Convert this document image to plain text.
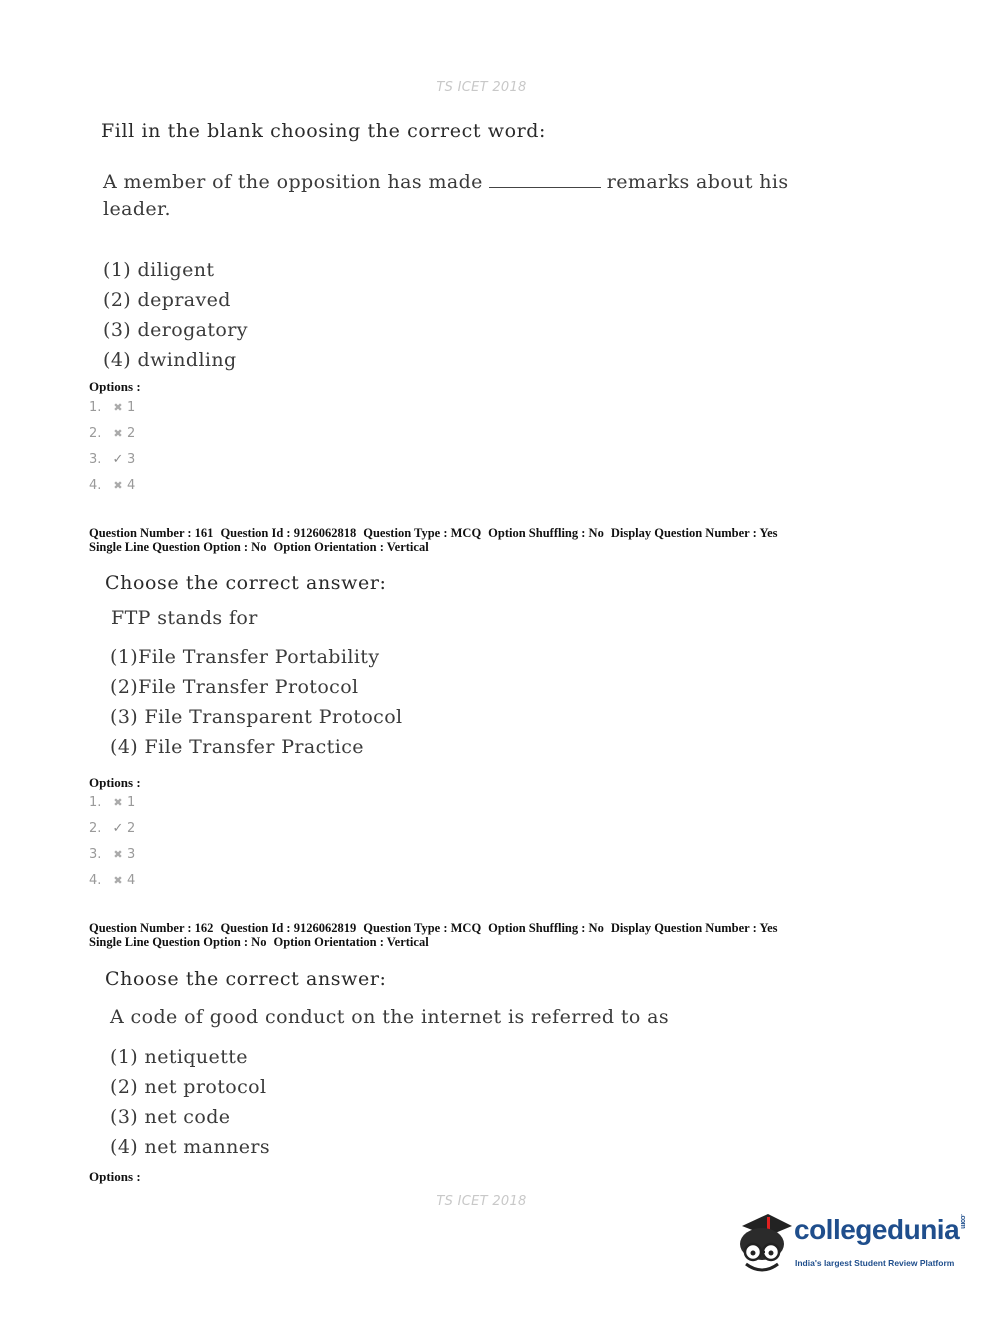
TS ICET 2018
Fill in the blank choosing the correct word:
A member of the opposition has made	remarks about his
leader.
(1) diligent
(2) depraved
(3) derogatory
(4) dwindling
Options :
1. ✖ 1
2. ✖ 2
3. ✓ 3
4. ✖ 4
Question Number : 161 Question Id : 9126062818 Question Type : MCQ Option Shuffling : No Display Question Number : Yes
Single Line Question Option : No Option Orientation : Vertical
Choose the correct answer:
FTP stands for
(1)File Transfer Portability
(2)File Transfer Protocol
(3) File Transparent Protocol
(4) File Transfer Practice
Options :
1. ✖ 1
2. ✓ 2
3. ✖ 3
4. ✖ 4
Question Number : 162 Question Id : 9126062819 Question Type : MCQ Option Shuffling : No Display Question Number : Yes
Single Line Question Option : No Option Orientation : Vertical
Choose the correct answer:
A code of good conduct on the internet is referred to as
(1) netiquette
(2) net protocol
(3) net code
(4) net manners
Options :
TS ICET 2018
collegedunia.com
India's largest Student Review Platform
